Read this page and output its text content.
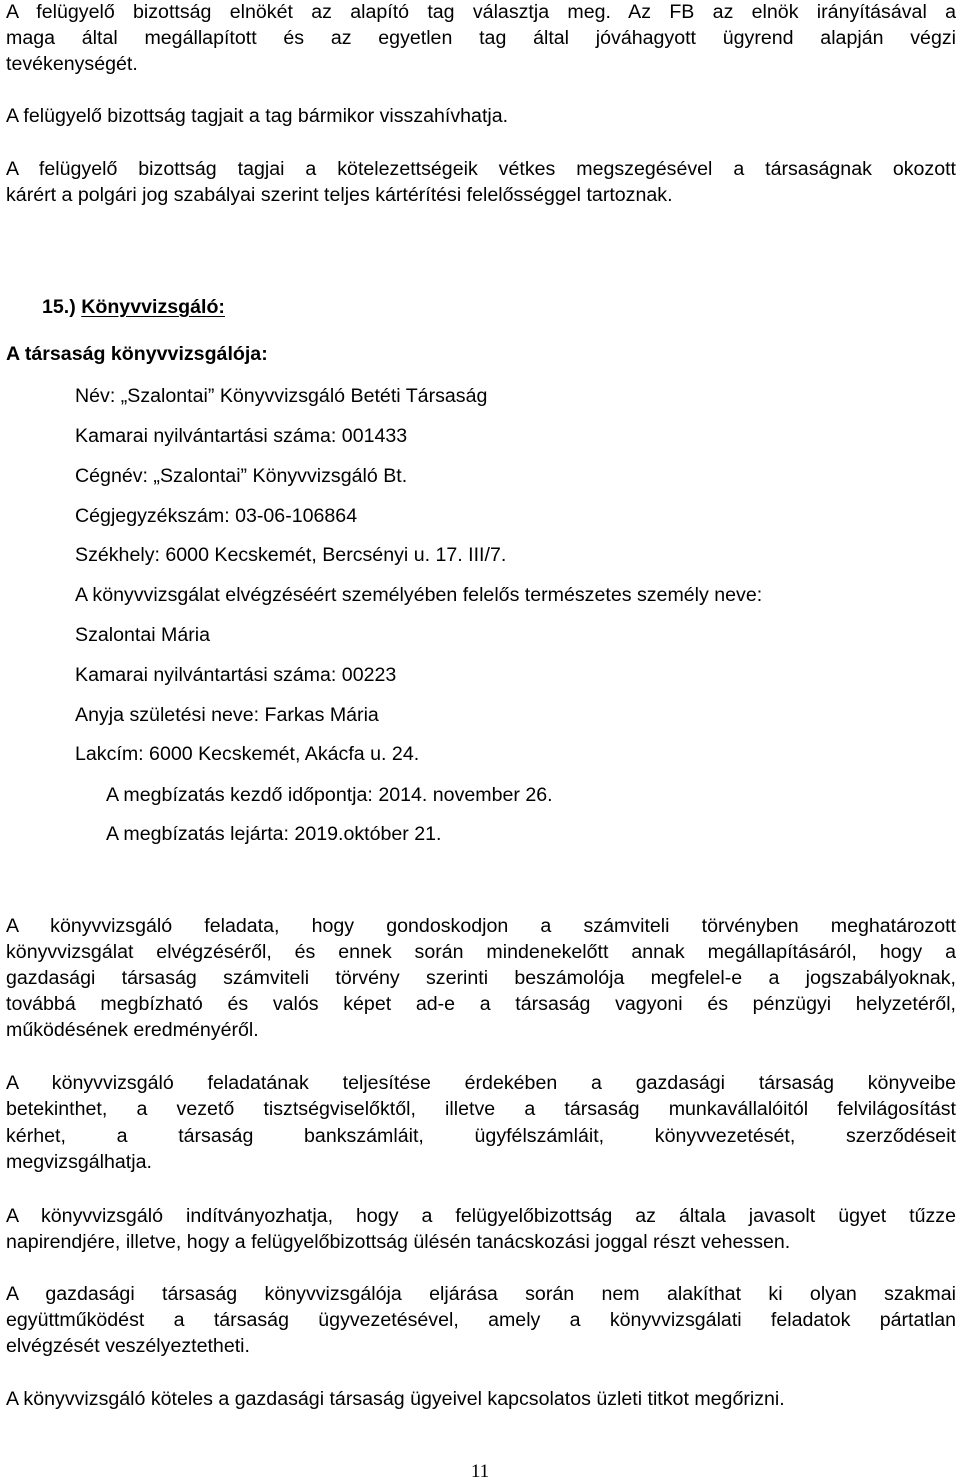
A felügyelő bizottság elnökét az alapító tag választja meg. Az FB az elnök irányításával a
maga által megállapított és az egyetlen tag által jóváhagyott ügyrend alapján végzi
tevékenységét.
A felügyelő bizottság tagjait a tag bármikor visszahívhatja.
A felügyelő bizottság tagjai a kötelezettségeik vétkes megszegésével a társaságnak okozott
kárért a polgári jog szabályai szerint teljes kártérítési felelősséggel tartoznak.
15.) Könyvvizsgáló:
A társaság könyvvizsgálója:
Név: „Szalontai” Könyvvizsgáló Betéti Társaság
Kamarai nyilvántartási száma: 001433
Cégnév: „Szalontai” Könyvvizsgáló Bt.
Cégjegyzékszám: 03-06-106864
Székhely: 6000 Kecskemét, Bercsényi u. 17. III/7.
A könyvvizsgálat elvégzéséért személyében felelős természetes személy neve:
Szalontai Mária
Kamarai nyilvántartási száma: 00223
Anyja születési neve: Farkas Mária
Lakcím: 6000 Kecskemét, Akácfa u. 24.
A megbízatás kezdő időpontja: 2014. november 26.
A megbízatás lejárta: 2019.október 21.
A könyvvizsgáló feladata, hogy gondoskodjon a számviteli törvényben meghatározott
könyvvizsgálat elvégzéséről, és ennek során mindenekelőtt annak megállapításáról, hogy a
gazdasági társaság számviteli törvény szerinti beszámolója megfelel-e a jogszabályoknak,
továbbá megbízható és valós képet ad-e a társaság vagyoni és pénzügyi helyzetéről,
működésének eredményéről.
A könyvvizsgáló feladatának teljesítése érdekében a gazdasági társaság könyveibe
betekinthet, a vezető tisztségviselőktől, illetve a társaság munkavállalóitól felvilágosítást
kérhet, a társaság bankszámláit, ügyfélszámláit, könyvvezetését, szerződéseit
megvizsgálhatja.
A könyvvizsgáló indítványozhatja, hogy a felügyelőbizottság az általa javasolt ügyet tűzze
napirendjére, illetve, hogy a felügyelőbizottság ülésén tanácskozási joggal részt vehessen.
A gazdasági társaság könyvvizsgálója eljárása során nem alakíthat ki olyan szakmai
együttműködést a társaság ügyvezetésével, amely a könyvvizsgálati feladatok pártatlan
elvégzését veszélyeztetheti.
A könyvvizsgáló köteles a gazdasági társaság ügyeivel kapcsolatos üzleti titkot megőrizni.
11
